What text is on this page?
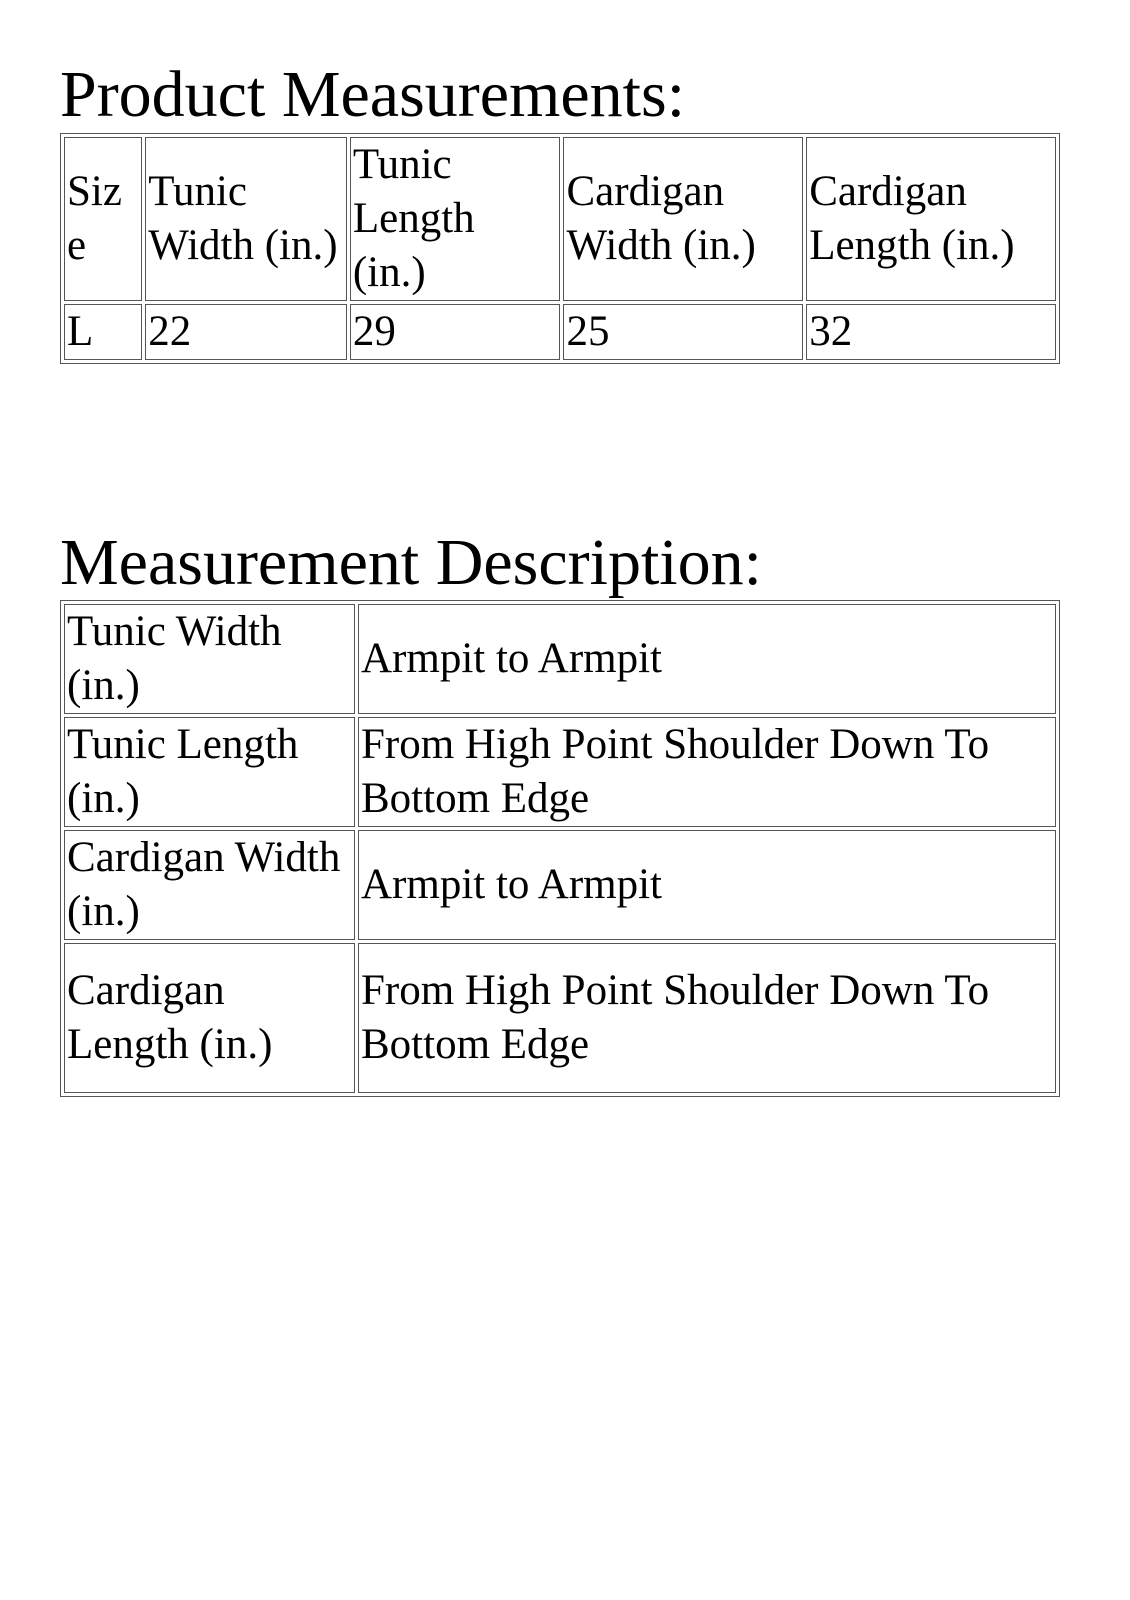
Product Measurements:
Size	Tunic Width (in.)	Tunic Length (in.)	Cardigan Width (in.)	Cardigan Length (in.)
L	22	29	25	32
Measurement Description:
Tunic Width (in.)	Armpit to Armpit
Tunic Length (in.)	From High Point Shoulder Down To Bottom Edge
Cardigan Width (in.)	Armpit to Armpit
Cardigan Length (in.)	From High Point Shoulder Down To Bottom Edge
